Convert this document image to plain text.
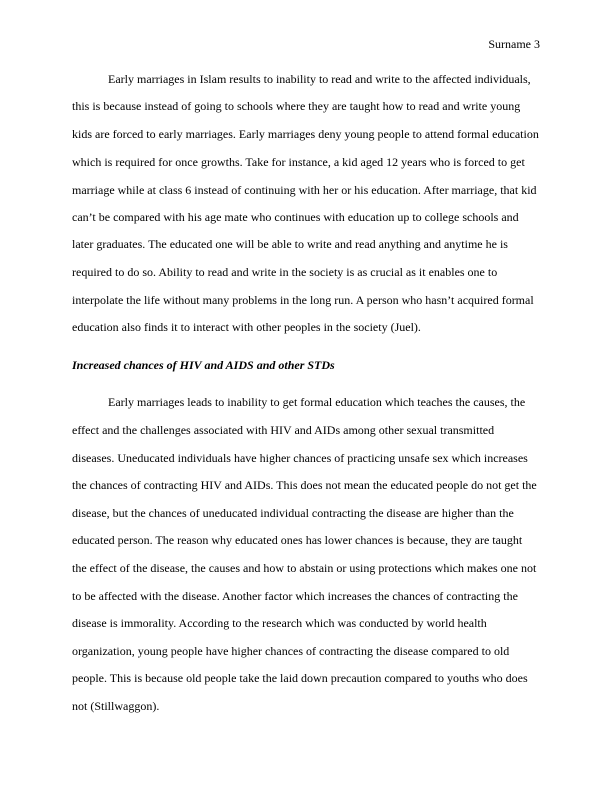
Surname 3
Early marriages in Islam results to inability to read and write to the affected individuals,
this is because instead of going to schools where they are taught how to read and write young
kids are forced to early marriages. Early marriages deny young people to attend formal education
which is required for once growths. Take for instance, a kid aged 12 years who is forced to get
marriage while at class 6 instead of continuing with her or his education. After marriage, that kid
can’t be compared with his age mate who continues with education up to college schools and
later graduates. The educated one will be able to write and read anything and anytime he is
required to do so. Ability to read and write in the society is as crucial as it enables one to
interpolate the life without many problems in the long run. A person who hasn’t acquired formal
education also finds it to interact with other peoples in the society (Juel).
Increased chances of HIV and AIDS and other STDs
Early marriages leads to inability to get formal education which teaches the causes, the
effect and the challenges associated with HIV and AIDs among other sexual transmitted
diseases. Uneducated individuals have higher chances of practicing unsafe sex which increases
the chances of contracting HIV and AIDs. This does not mean the educated people do not get the
disease, but the chances of uneducated individual contracting the disease are higher than the
educated person. The reason why educated ones has lower chances is because, they are taught
the effect of the disease, the causes and how to abstain or using protections which makes one not
to be affected with the disease. Another factor which increases the chances of contracting the
disease is immorality. According to the research which was conducted by world health
organization, young people have higher chances of contracting the disease compared to old
people. This is because old people take the laid down precaution compared to youths who does
not (Stillwaggon).
